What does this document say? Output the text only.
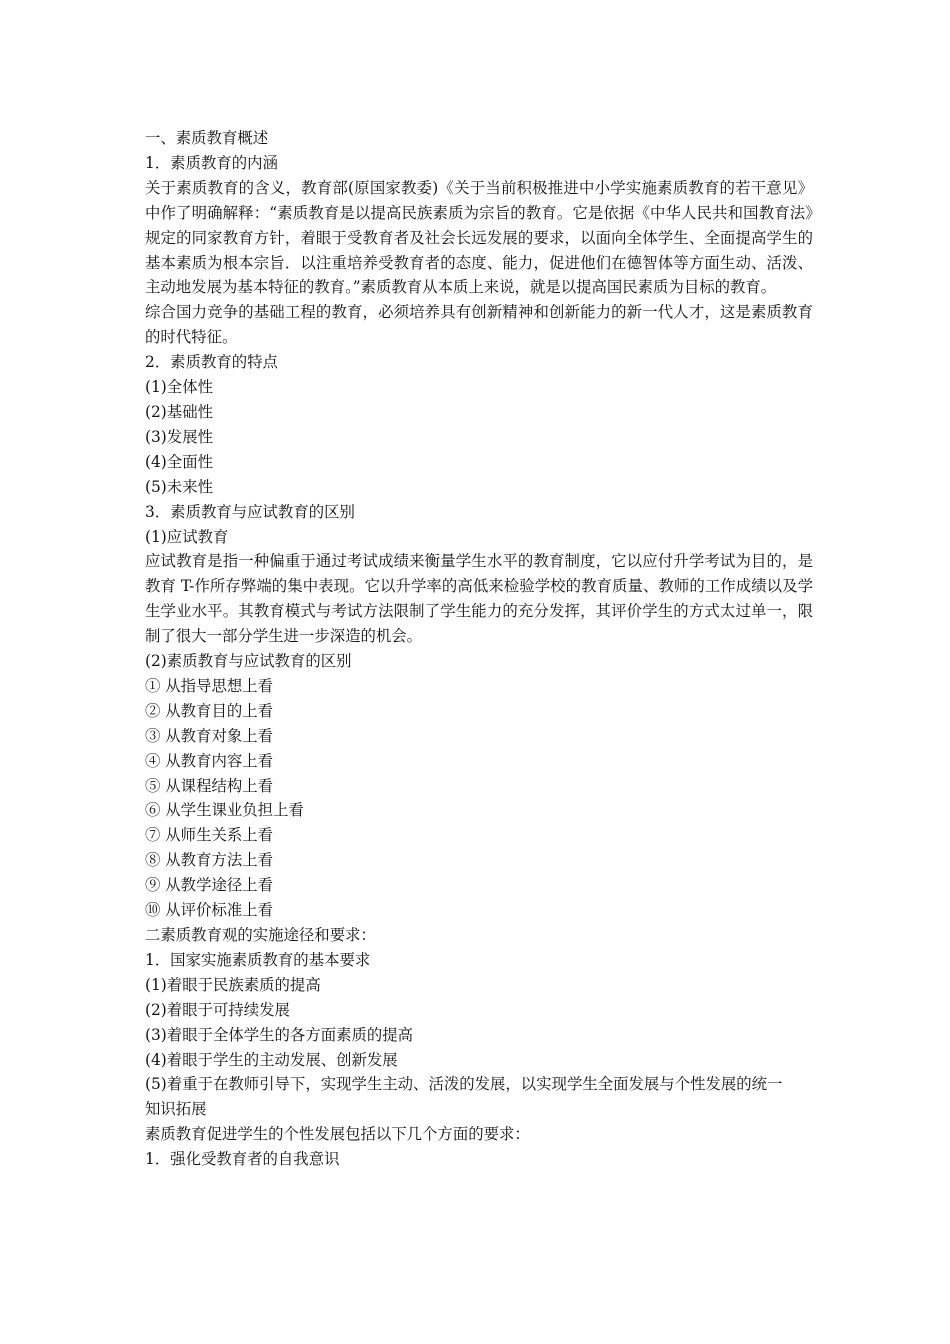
一、素质教育概述

1．素质教育的内涵

关于素质教育的含义，教育部(原国家教委)《关于当前积极推进中小学实施素质教育的若干意见》中作了明确解释：“素质教育是以提高民族素质为宗旨的教育。它是依据《中华人民共和国教育法》规定的同家教育方针，着眼于受教育者及社会长远发展的要求，以面向全体学生、全面提高学生的基本素质为根本宗旨．以注重培养受教育者的态度、能力，促进他们在德智体等方面生动、活泼、主动地发展为基本特征的教育。”素质教育从本质上来说，就是以提高国民素质为目标的教育。

综合国力竞争的基础工程的教育，必须培养具有创新精神和创新能力的新一代人才，这是素质教育的时代特征。

2．素质教育的特点

(1)全体性

(2)基础性

(3)发展性

(4)全面性

(5)未来性

3．素质教育与应试教育的区别

(1)应试教育

应试教育是指一种偏重于通过考试成绩来衡量学生水平的教育制度，它以应付升学考试为目的，是教育 T-作所存弊端的集中表现。它以升学率的高低来检验学校的教育质量、教师的工作成绩以及学生学业水平。其教育模式与考试方法限制了学生能力的充分发挥，其评价学生的方式太过单一，限制了很大一部分学生进一步深造的机会。

(2)素质教育与应试教育的区别

① 从指导思想上看

② 从教育目的上看

③ 从教育对象上看

④ 从教育内容上看

⑤ 从课程结构上看

⑥ 从学生课业负担上看

⑦ 从师生关系上看

⑧ 从教育方法上看

⑨ 从教学途径上看

⑩ 从评价标准上看

二素质教育观的实施途径和要求：

1．国家实施素质教育的基本要求

(1)着眼于民族素质的提高

(2)着眼于可持续发展

(3)着眼于全体学生的各方面素质的提高

(4)着眼于学生的主动发展、创新发展

(5)着重于在教师引导下，实现学生主动、活泼的发展，以实现学生全面发展与个性发展的统一

知识拓展

素质教育促进学生的个性发展包括以下几个方面的要求：

1．强化受教育者的自我意识
